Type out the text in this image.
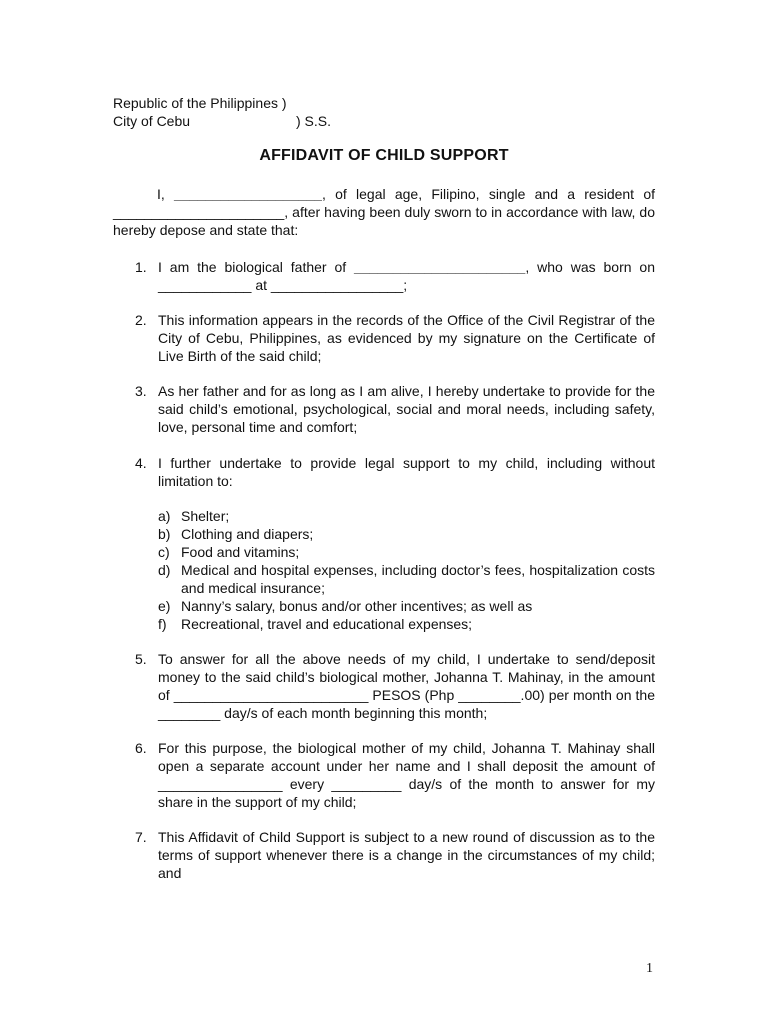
Republic of the Philippines )
City of Cebu	) S.S.
AFFIDAVIT OF CHILD SUPPORT
I, ___________________, of legal age, Filipino, single and a resident of ______________________, after having been duly sworn to in accordance with law, do hereby depose and state that:
1. I am the biological father of ______________________, who was born on ____________ at _________________;
2. This information appears in the records of the Office of the Civil Registrar of the City of Cebu, Philippines, as evidenced by my signature on the Certificate of Live Birth of the said child;
3. As her father and for as long as I am alive, I hereby undertake to provide for the said child’s emotional, psychological, social and moral needs, including safety, love, personal time and comfort;
4. I further undertake to provide legal support to my child, including without limitation to:
a) Shelter;
b) Clothing and diapers;
c) Food and vitamins;
d) Medical and hospital expenses, including doctor’s fees, hospitalization costs and medical insurance;
e) Nanny’s salary, bonus and/or other incentives; as well as
f)	Recreational, travel and educational expenses;
5. To answer for all the above needs of my child, I undertake to send/deposit money to the said child’s biological mother, Johanna T. Mahinay, in the amount of _________________________ PESOS (Php ________.00) per month on the ________ day/s of each month beginning this month;
6. For this purpose, the biological mother of my child, Johanna T. Mahinay shall open a separate account under her name and I shall deposit the amount of ________________ every _________ day/s of the month to answer for my share in the support of my child;
7. This Affidavit of Child Support is subject to a new round of discussion as to the terms of support whenever there is a change in the circumstances of my child; and
1
